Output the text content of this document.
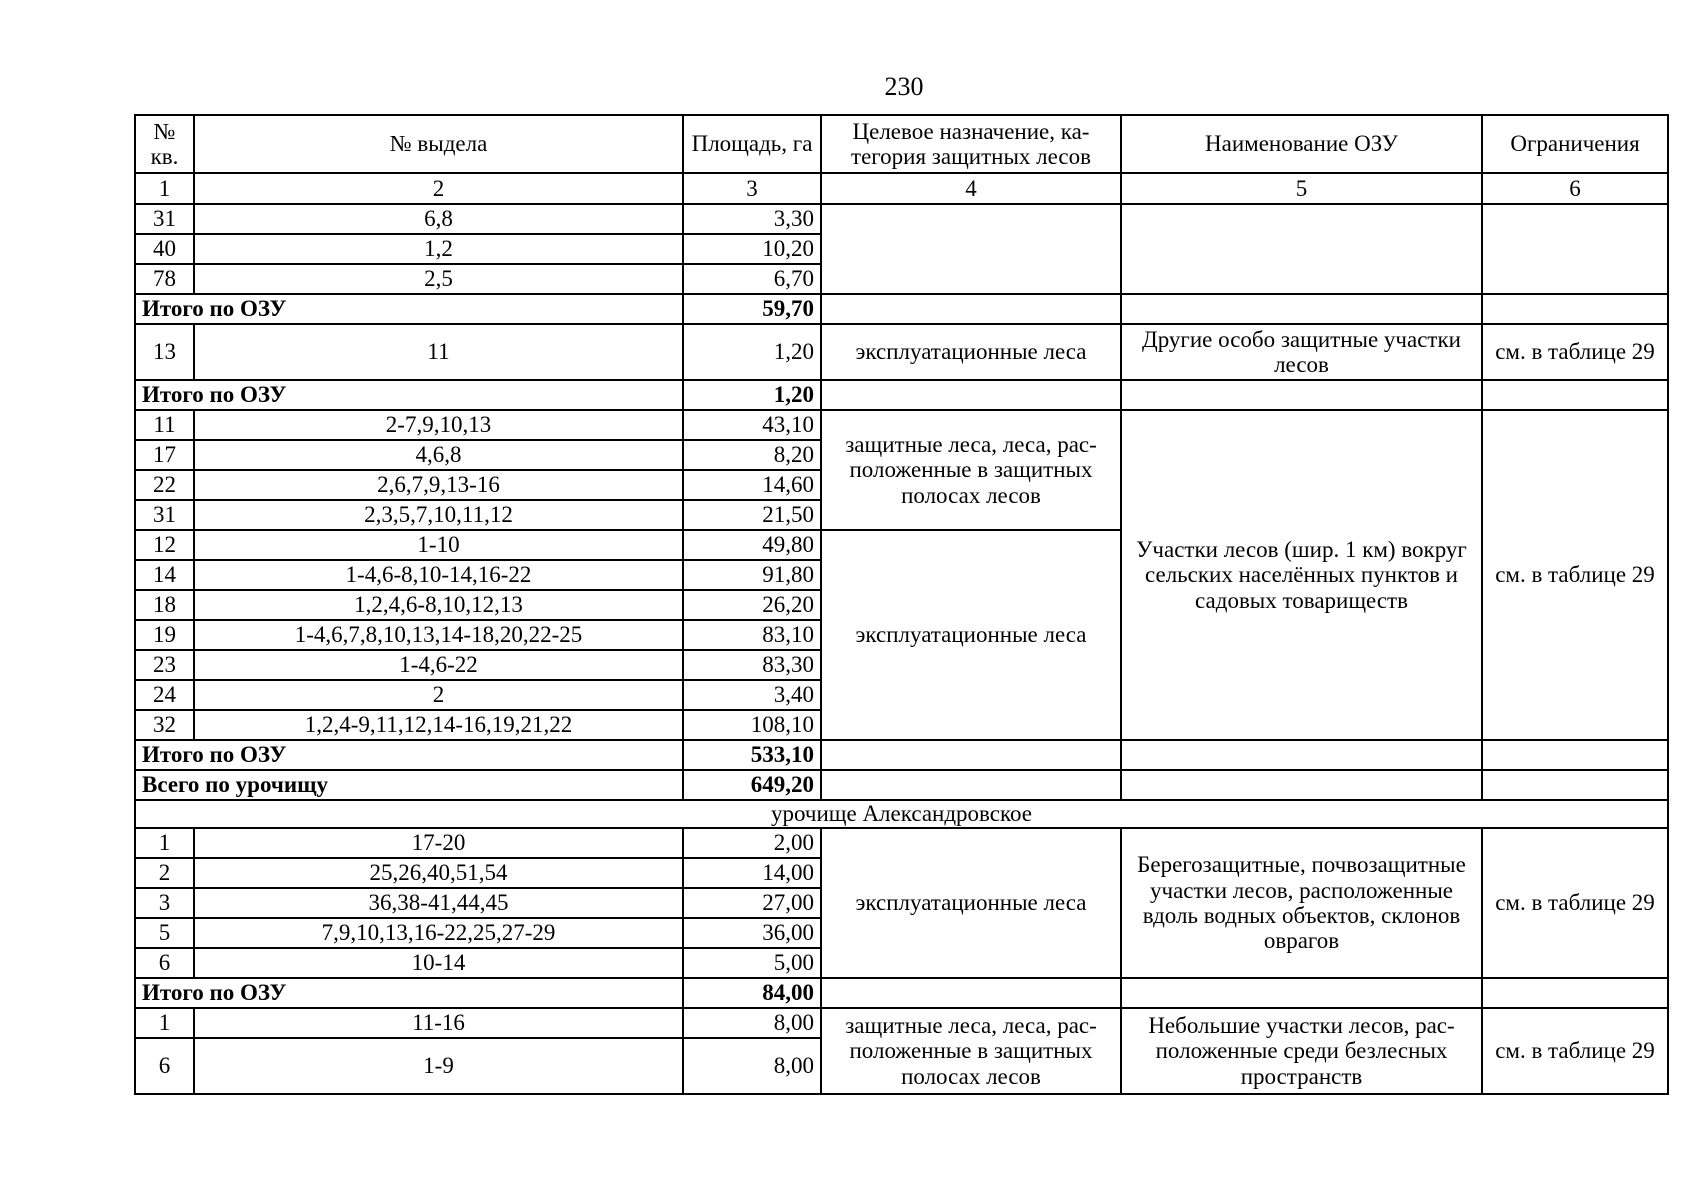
230
№ кв.	№ выдела	Площадь, га	Целевое назначение, категория защитных лесов	Наименование ОЗУ	Ограничения
1	2	3	4	5	6
31	6,8	3,30			
40	1,2	10,20			
78	2,5	6,70			
Итого по ОЗУ		59,70			
13	11	1,20	эксплуатационные леса	Другие особо защитные участки лесов	см. в таблице 29
Итого по ОЗУ		1,20			
11	2-7,9,10,13	43,10	защитные леса, леса, расположенные в защитных полосах лесов	Участки лесов (шир. 1 км) вокруг сельских населённых пунктов и садовых товариществ	см. в таблице 29
17	4,6,8	8,20			
22	2,6,7,9,13-16	14,60			
31	2,3,5,7,10,11,12	21,50			
12	1-10	49,80	эксплуатационные леса		
14	1-4,6-8,10-14,16-22	91,80			
18	1,2,4,6-8,10,12,13	26,20			
19	1-4,6,7,8,10,13,14-18,20,22-25	83,10			
23	1-4,6-22	83,30			
24	2	3,40			
32	1,2,4-9,11,12,14-16,19,21,22	108,10			
Итого по ОЗУ		533,10			
Всего по урочищу		649,20			
урочище Александровское					
1	17-20	2,00	эксплуатационные леса	Берегозащитные, почвозащитные участки лесов, расположенные вдоль водных объектов, склонов оврагов	см. в таблице 29
2	25,26,40,51,54	14,00			
3	36,38-41,44,45	27,00			
5	7,9,10,13,16-22,25,27-29	36,00			
6	10-14	5,00			
Итого по ОЗУ		84,00			
1	11-16	8,00	защитные леса, леса, расположенные в защитных полосах лесов	Небольшие участки лесов, расположенные среди безлесных пространств	см. в таблице 29
6	1-9	8,00			
